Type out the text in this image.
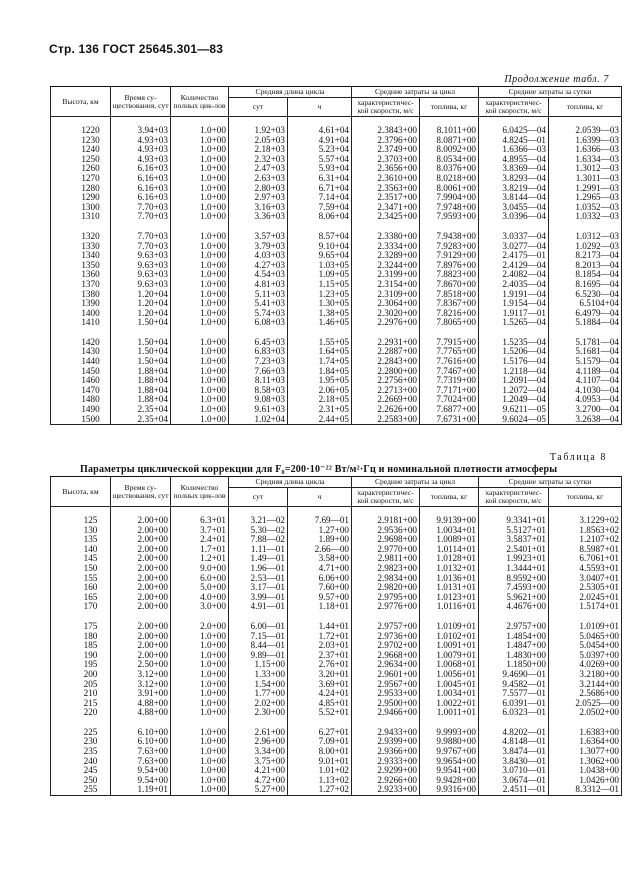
Стр. 136 ГОСТ 25645.301—83
Продолжение табл. 7
Высота, км	Время су-ществования, сут	Количество полных цик-лов	Средняя длина цикла		Средние затраты за цикл		Средние затраты за сутки	
			сут	ч	характеристичес-кой скорости, м/с	топлива, кг	характеристичес-кой скорости, м/с	топлива, кг

1220	3.94+03	1.0+00	1.92+03	4.61+04	2.3843+00	8.1011+00	6.0425—04	2.0539—03
1230	4.93+03	1.0+00	2.05+03	4.91+04	2.3796+00	8.0871+00	4.8245—01	1.6399—03
1240	4.93+03	1.0+00	2.18+03	5.23+04	2.3749+00	8.0092+00	1.6366—03	1.6366—03
1250	4.93+03	1.0+00	2.32+03	5.57+04	2.3703+00	8.0534+00	4.8955—04	1.6334—03
1260	6.16+03	1.0+00	2.47+03	5.93+04	2.3656+00	8.0376+00	3.8369—04	1.3012—03
1270	6.16+03	1.0+00	2.63+03	6.31+04	2.3610+00	8.0218+00	3.8293—04	1.3011—03
1280	6.16+03	1.0+00	2.80+03	6.71+04	2.3563+00	8.0061+00	3.8219—04	1.2991—03
1290	6.16+03	1.0+00	2.97+03	7.14+04	2.3517+00	7.9904+00	3.8144—04	1.2965—03
1300	7.70+03	1.0+00	3.16+03	7.59+04	2.3471+00	7.9748+00	3.0455—04	1.0352—03
1310	7.70+03	1.0+00	3.36+03	8.06+04	2.3425+00	7.9593+00	3.0396—04	1.0332—03

1320	7.70+03	1.0+00	3.57+03	8.57+04	2.3380+00	7.9438+00	3.0337—04	1.0312—03
1330	7.70+03	1.0+00	3.79+03	9.10+04	2.3334+00	7.9283+00	3.0277—04	1.0292—03
1340	9.63+03	1.0+00	4.03+03	9.65+04	2.3289+00	7.9129+00	2.4175—01	8.2173—04
1350	9.63+03	1.0+00	4.27+03	1.03+05	2.3244+00	7.8976+00	2.4129—04	8.2013—04
1360	9.63+03	1.0+00	4.54+03	1.09+05	2.3199+00	7.8823+00	2.4082—04	8.1854—04
1370	9.63+03	1.0+00	4.81+03	1.15+05	2.3154+00	7.8670+00	2.4035—04	8.1695—04
1380	1.20+04	1.0+00	5.11+03	1.23+05	2.3109+00	7.8518+00	1.9191—04	6.5230—04
1390	1.20+04	1.0+00	5.41+03	1.30+05	2.3064+00	7.8367+00	1.9154—04	6.5104+04
1400	1.20+04	1.0+00	5.74+03	1.38+05	2.3020+00	7.8216+00	1.9117—01	6.4979—04
1410	1.50+04	1.0+00	6.08+03	1.46+05	2.2976+00	7.8065+00	1.5265—04	5.1884—04

1420	1.50+04	1.0+00	6.45+03	1.55+05	2.2931+00	7.7915+00	1.5235—04	5.1781—04
1430	1.50+04	1.0+00	6.83+03	1.64+05	2.2887+00	7.7765+00	1.5206—04	5.1681—04
1440	1.50+04	1.0+00	7.23+03	1.74+05	2.2843+00	7.7616+00	1.5176—04	5.1579—04
1450	1.88+04	1.0+00	7.66+03	1.84+05	2.2800+00	7.7467+00	1.2118—04	4.1189—04
1460	1.88+04	1.0+00	8.11+03	1.95+05	2.2756+00	7.7319+00	1.2091—04	4.1107—04
1470	1.88+04	1.0+00	8.58+03	2.06+05	2.2713+00	7.7171+00	1.2072—04	4.1030—04
1480	1.88+04	1.0+00	9.08+03	2.18+05	2.2669+00	7.7024+00	1.2049—04	4.0953—04
1490	2.35+04	1.0+00	9.61+03	2.31+05	2.2626+00	7.6877+00	9.6211—05	3.2700—04
1500	2.35+04	1.0+00	1.02+04	2.44+05	2.2583+00	7.6731+00	9.6024—05	3.2638—04
Таблица 8
Параметры циклической коррекции для F₀=200·10⁻²² Вт/м²·Гц и номинальной плотности атмосферы
Высота, км	Время су-ществования, сут	Количество полных цик-лов	Средняя длина цикла		Средние затраты за цикл		Средние затраты за сутки	
			сут	ч	характеристичес-кой скорости, м/с	топлива, кг	характеристичес-кой скорости, м/с	топлива, кг

125	2.00+00	6.3+01	3.21—02	7.69—01	2.9181+00	9.9139+00	9.3341+01	3.1229+02
130	2.00+00	3.7+01	5.30—02	1.27+00	2.9536+00	1.0034+01	5.5127+01	1.8563+02
135	2.00+00	2.4+01	7.88—02	1.89+00	2.9698+00	1.0089+01	3.5837+01	1.2107+02
140	2.00+00	1.7+01	1.11—01	2.66—00	2.9770+00	1.0114+01	2.5401+01	8.5987+01
145	2.00+00	1.2+01	1.49—01	3.58+00	2.9811+00	1.0128+01	1.9923+01	6.7061+01
150	2.00+00	9.0+00	1.96—01	4.71+00	2.9823+00	1.0132+01	1.3444+01	4.5593+01
155	2.00+00	6.0+00	2.53—01	6.06+00	2.9834+00	1.0136+01	8.9592+00	3.0407+01
160	2.00+00	5.0+00	3.17—01	7.60+00	2.9820+00	1.0131+01	7.4593+00	2.5305+01
165	2.00+00	4.0+00	3.99—01	9.57+00	2.9795+00	1.0123+01	5.9621+00	2.0245+01
170	2.00+00	3.0+00	4.91—01	1.18+01	2.9776+00	1.0116+01	4.4676+00	1.5174+01

175	2.00+00	2.0+00	6.00—01	1.44+01	2.9757+00	1.0109+01	2.9757+00	1.0109+01
180	2.00+00	1.0+00	7.15—01	1.72+01	2.9736+00	1.0102+01	1.4854+00	5.0465+00
185	2.00+00	1.0+00	8.44—01	2.03+01	2.9702+00	1.0091+01	1.4847+00	5.0454+00
190	2.00+00	1.0+00	9.89—01	2.37+01	2.9668+00	1.0079+01	1.4830+00	5.0397+00
195	2.50+00	1.0+00	1.15+00	2.76+01	2.9634+00	1.0068+01	1.1850+00	4.0269+00
200	3.12+00	1.0+00	1.33+00	3.20+01	2.9601+00	1.0056+01	9.4690—01	3.2180+00
205	3.12+00	1.0+00	1.54+00	3.69+01	2.9567+00	1.0045+01	9.4582—01	3.2144+00
210	3.91+00	1.0+00	1.77+00	4.24+01	2.9533+00	1.0034+01	7.5577—01	2.5686+00
215	4.88+00	1.0+00	2.02+00	4.85+01	2.9500+00	1.0022+01	6.0391—01	2.0525—00
220	4.88+00	1.0+00	2.30+00	5.52+01	2.9466+00	1.0011+01	6.0323—01	2.0502+00

225	6.10+00	1.0+00	2.61+00	6.27+01	2.9433+00	9.9993+00	4.8202—01	1.6383+00
230	6.10+00	1.0+00	2.96+00	7.09+01	2.9399+00	9.9880+00	4.8148—01	1.6364+00
235	7.63+00	1.0+00	3.34+00	8.00+01	2.9366+00	9.9767+00	3.8474—01	1.3077+00
240	7.63+00	1.0+00	3.75+00	9.01+01	2.9333+00	9.9654+00	3.8430—01	1.3062+00
245	9.54+00	1.0+00	4.21+00	1.01+02	2.9299+00	9.9541+00	3.0710—01	1.0438+00
250	9.54+00	1.0+00	4.72+00	1.13+02	2.9266+00	9.9428+00	3.0674—01	1.0426+00
255	1.19+01	1.0+00	5.27+00	1.27+02	2.9233+00	9.9316+00	2.4511—01	8.3312—01
